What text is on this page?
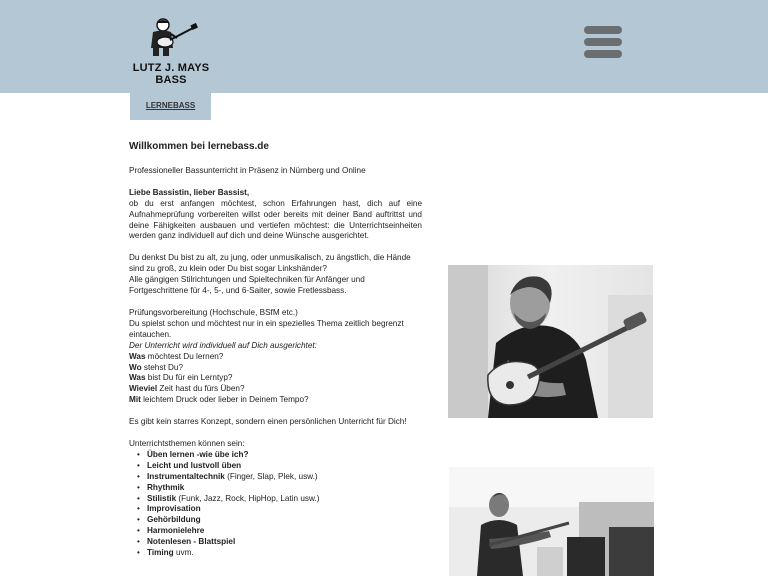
LUTZ J. MAYS
BASS
LERNEBASS

Willkommen bei lernebass.de

Professioneller Bassunterricht in Präsenz in Nürnberg und Online

Liebe Bassistin, lieber Bassist,

ob du erst anfangen möchtest, schon Erfahrungen hast, dich auf eine Aufnahmeprüfung vorbereiten willst oder bereits mit deiner Band auftrittst und deine Fähigkeiten ausbauen und vertiefen möchtest: die Unterrichtseinheiten werden ganz individuell auf dich und deine Wünsche ausgerichtet.

Du denkst Du bist zu alt, zu jung, oder unmusikalisch, zu ängstlich, die Hände sind zu groß, zu klein oder Du bist sogar Linkshänder?

Alle gängigen Stilrichtungen und Spieltechniken für Anfänger und Fortgeschrittene für 4-, 5-, und 6-Saiter, sowie Fretlessbass.

Prüfungsvorbereitung (Hochschule, BSfM etc.)

Du spielst schon und möchtest nur in ein spezielles Thema zeitlich begrenzt eintauchen.

Der Unterricht wird individuell auf Dich ausgerichtet:

Was möchtest Du lernen?

Wo stehst Du?

Was bist Du für ein Lerntyp?

Wieviel Zeit hast du fürs Üben?

Mit leichtem Druck oder lieber in Deinem Tempo?

Es gibt kein starres Konzept, sondern einen persönlichen Unterricht für Dich!

Unterrichtsthemen können sein:

• Üben lernen -wie übe ich?
• Leicht und lustvoll üben
• Instrumentaltechnik (Finger, Slap, Plek, usw.)
• Rhythmik
• Stilistik (Funk, Jazz, Rock, HipHop, Latin usw.)
• Improvisation
• Gehörbildung
• Harmonielehre
• Notenlesen - Blattspiel
• Timing uvm.
